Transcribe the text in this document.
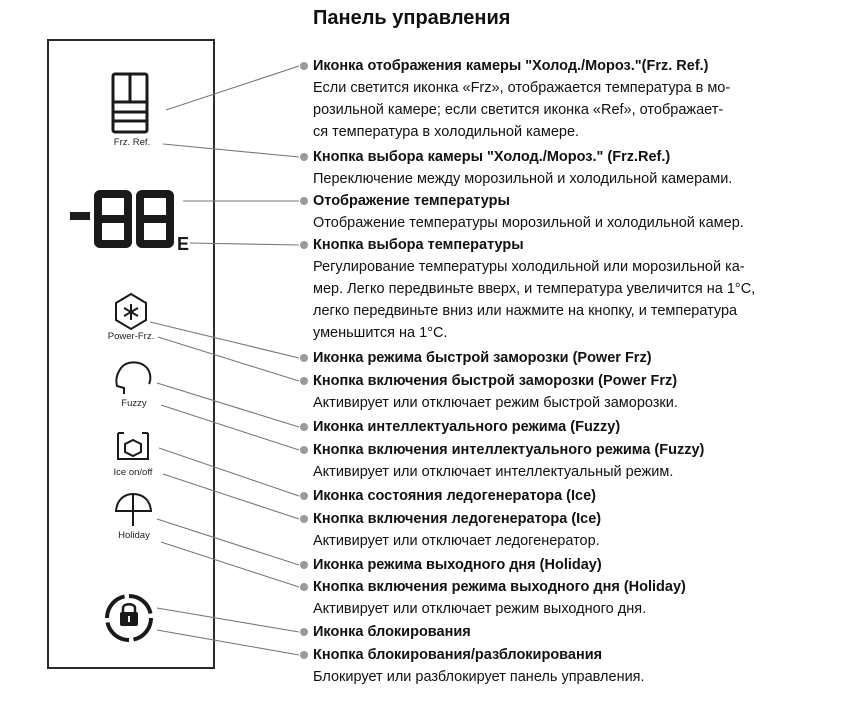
Панель управления
Frz. Ref.
Power-Frz.
Fuzzy
Ice on/off
Holiday
E
Иконка отображения камеры "Холод./Мороз."(Frz. Ref.)
Если светится иконка «Frz», отображается температура в мо-
розильной камере; если светится иконка «Ref», отображает-
ся температура в холодильной камере.
Кнопка выбора камеры "Холод./Мороз." (Frz.Ref.)
Переключение между морозильной и холодильной камерами.
Отображение температуры
Отображение температуры морозильной и холодильной камер.
Кнопка выбора температуры
Регулирование температуры холодильной или морозильной ка-
мер. Легко передвиньте вверх, и температура увеличится на 1°C,
легко передвиньте вниз или нажмите на кнопку, и температура
уменьшится на 1°C.
Иконка режима быстрой заморозки (Power Frz)
Кнопка включения быстрой заморозки (Power Frz)
Активирует или отключает режим быстрой заморозки.
Иконка интеллектуального режима (Fuzzy)
Кнопка включения интеллектуального режима (Fuzzy)
Активирует или отключает интеллектуальный режим.
Иконка состояния ледогенератора (Ice)
Кнопка включения ледогенератора (Ice)
Активирует или отключает ледогенератор.
Иконка режима выходного дня (Holiday)
Кнопка включения режима выходного дня (Holiday)
Активирует или отключает режим выходного дня.
Иконка блокирования
Кнопка блокирования/разблокирования
Блокирует или разблокирует панель управления.
